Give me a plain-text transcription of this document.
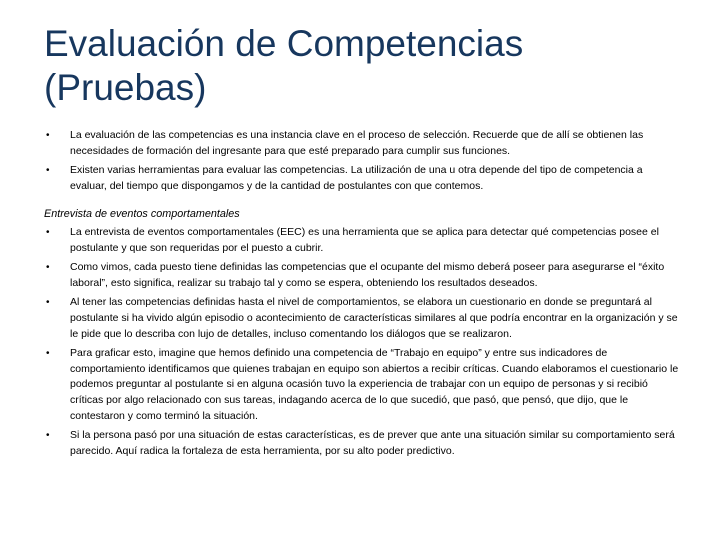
Evaluación de Competencias
(Pruebas)
• La evaluación de las competencias es una instancia clave en el proceso de selección. Recuerde que de allí se obtienen las necesidades de formación del ingresante para que esté preparado para cumplir sus funciones.
• Existen varias herramientas para evaluar las competencias. La utilización de una u otra depende del tipo de competencia a evaluar, del tiempo que dispongamos y de la cantidad de postulantes con que contemos.
Entrevista de eventos comportamentales
• La entrevista de eventos comportamentales (EEC) es una herramienta que se aplica para detectar qué competencias posee el postulante y que son requeridas por el puesto a cubrir.
• Como vimos, cada puesto tiene definidas las competencias que el ocupante del mismo deberá poseer para asegurarse el “éxito laboral”, esto significa, realizar su trabajo tal y como se espera, obteniendo los resultados deseados.
• Al tener las competencias definidas hasta el nivel de comportamientos, se elabora un cuestionario en donde se preguntará al postulante si ha vivido algún episodio o acontecimiento de características similares al que podría encontrar en la organización y se le pide que lo describa con lujo de detalles, incluso comentando los diálogos que se realizaron.
• Para graficar esto, imagine que hemos definido una competencia de “Trabajo en equipo” y entre sus indicadores de comportamiento identificamos que quienes trabajan en equipo son abiertos a recibir críticas. Cuando elaboramos el cuestionario le podemos preguntar al postulante si en alguna ocasión tuvo la experiencia de trabajar con un equipo de personas y si recibió críticas por algo relacionado con sus tareas, indagando acerca de lo que sucedió, que pasó, que pensó, que dijo, que le contestaron y como terminó la situación.
• Si la persona pasó por una situación de estas características, es de prever que ante una situación similar su comportamiento será parecido. Aquí radica la fortaleza de esta herramienta, por su alto poder predictivo.
